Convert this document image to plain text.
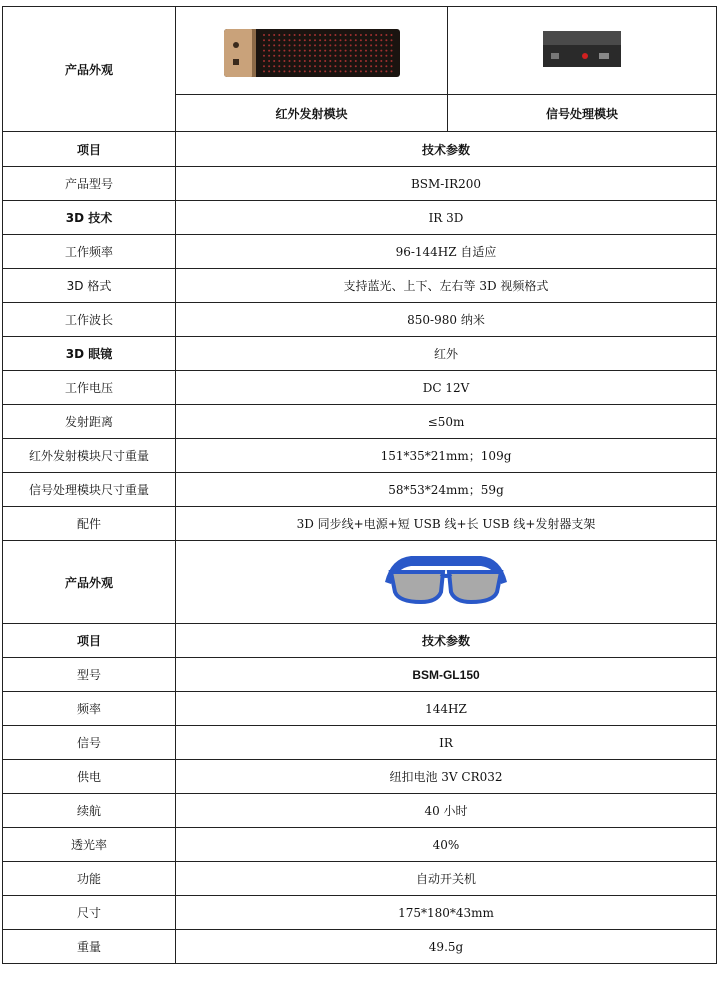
产品外观	

	红外发射模块	信号处理模块
项目	技术参数	
产品型号	BSM-IR200	
3D 技术	IR 3D	
工作频率	96-144HZ 自适应	
3D 格式	支持蓝光、上下、左右等 3D 视频格式	
工作波长	850-980 纳米	
3D 眼镜	红外	
工作电压	DC 12V	
发射距离	≤50m	
红外发射模块尺寸重量	151*35*21mm；109g	
信号处理模块尺寸重量	58*53*24mm；59g	
配件	3D 同步线+电源+短 USB 线+长 USB 线+发射器支架	
产品外观	
项目	技术参数	
型号	BSM-GL150	
频率	144HZ	
信号	IR	
供电	纽扣电池 3V CR032	
续航	40 小时	
透光率	40%	
功能	自动开关机	
尺寸	175*180*43mm	
重量	49.5g	
